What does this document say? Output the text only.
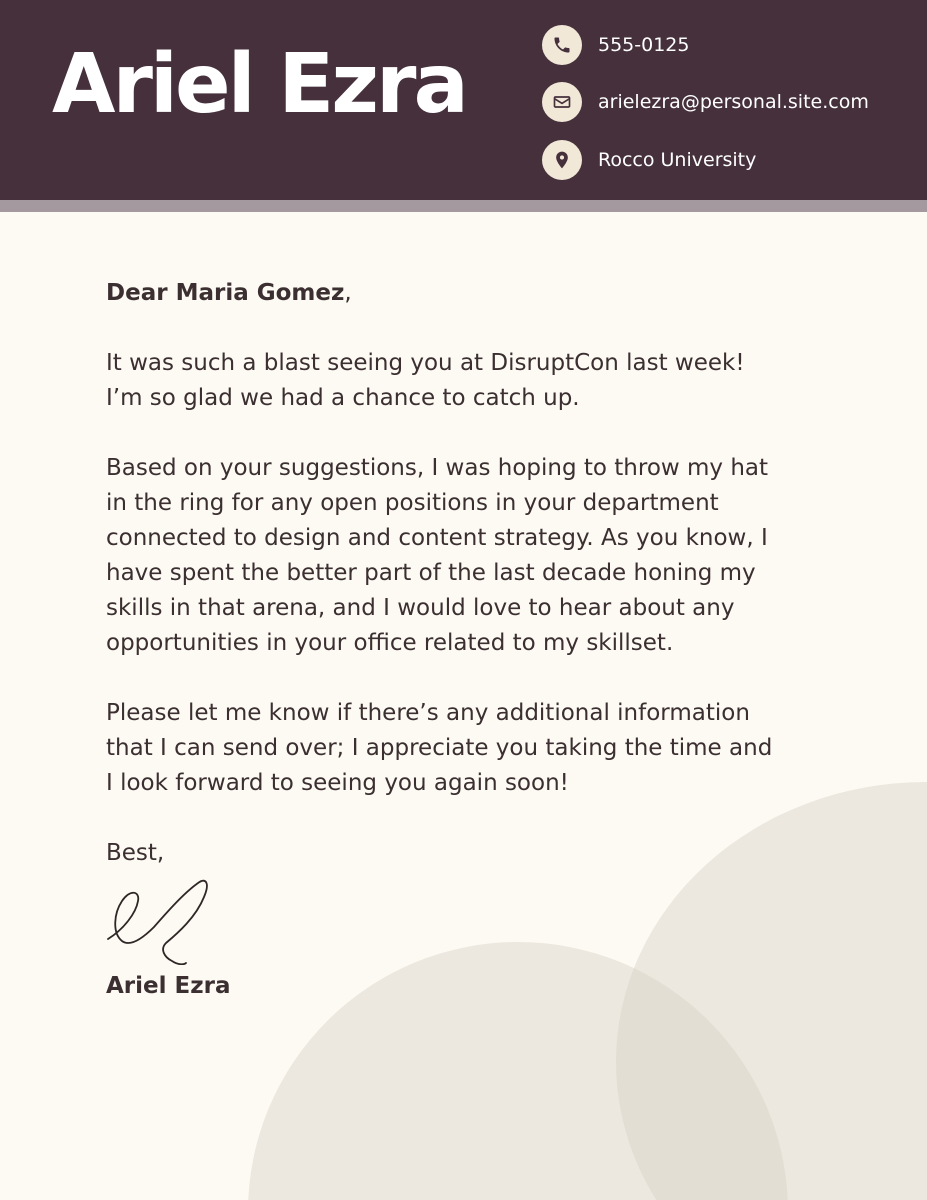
Ariel Ezra	555-0125
arielezra@personal.site.com
Rocco University
Dear Maria Gomez,
It was such a blast seeing you at DisruptCon last week!
I’m so glad we had a chance to catch up.
Based on your suggestions, I was hoping to throw my hat
in the ring for any open positions in your department
connected to design and content strategy. As you know, I
have spent the better part of the last decade honing my
skills in that arena, and I would love to hear about any
opportunities in your office related to my skillset.
Please let me know if there’s any additional information
that I can send over; I appreciate you taking the time and
I look forward to seeing you again soon!
Best,
Ariel Ezra
